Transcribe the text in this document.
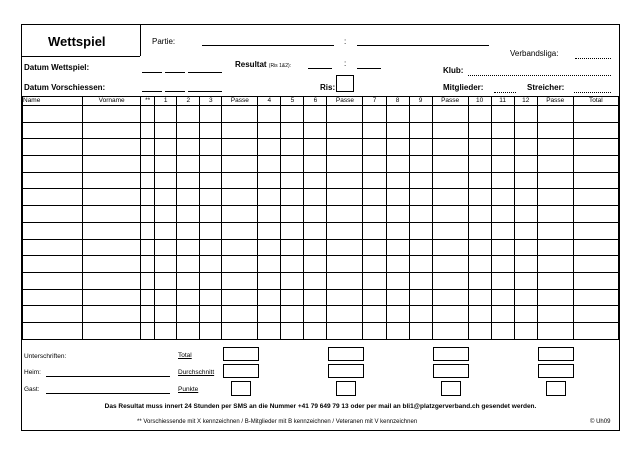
Wettspiel	Partie:	:
Verbandsliga:
Datum Wettspiel:	Resultat (Ris 1&2):	:
Klub:
Datum Vorschiessen:	Ris:	Mitglieder:	Streicher:
Name	Vorname	**	1	2	3	Passe	4	5	6	Passe	7	8	9	Passe	10	11	12	Passe	Total

Unterschriften:
Heim:
Gast:
Total
Durchschnitt
Punkte
Das Resultat muss innert 24 Stunden per SMS an die Nummer +41 79 649 79 13 oder per mail an bli1@platzgerverband.ch gesendet werden.
** Vorschiessende mit X kennzeichnen / B-Mitglieder mit B kennzeichnen / Veteranen mit V kennzeichnen	© Uh09
